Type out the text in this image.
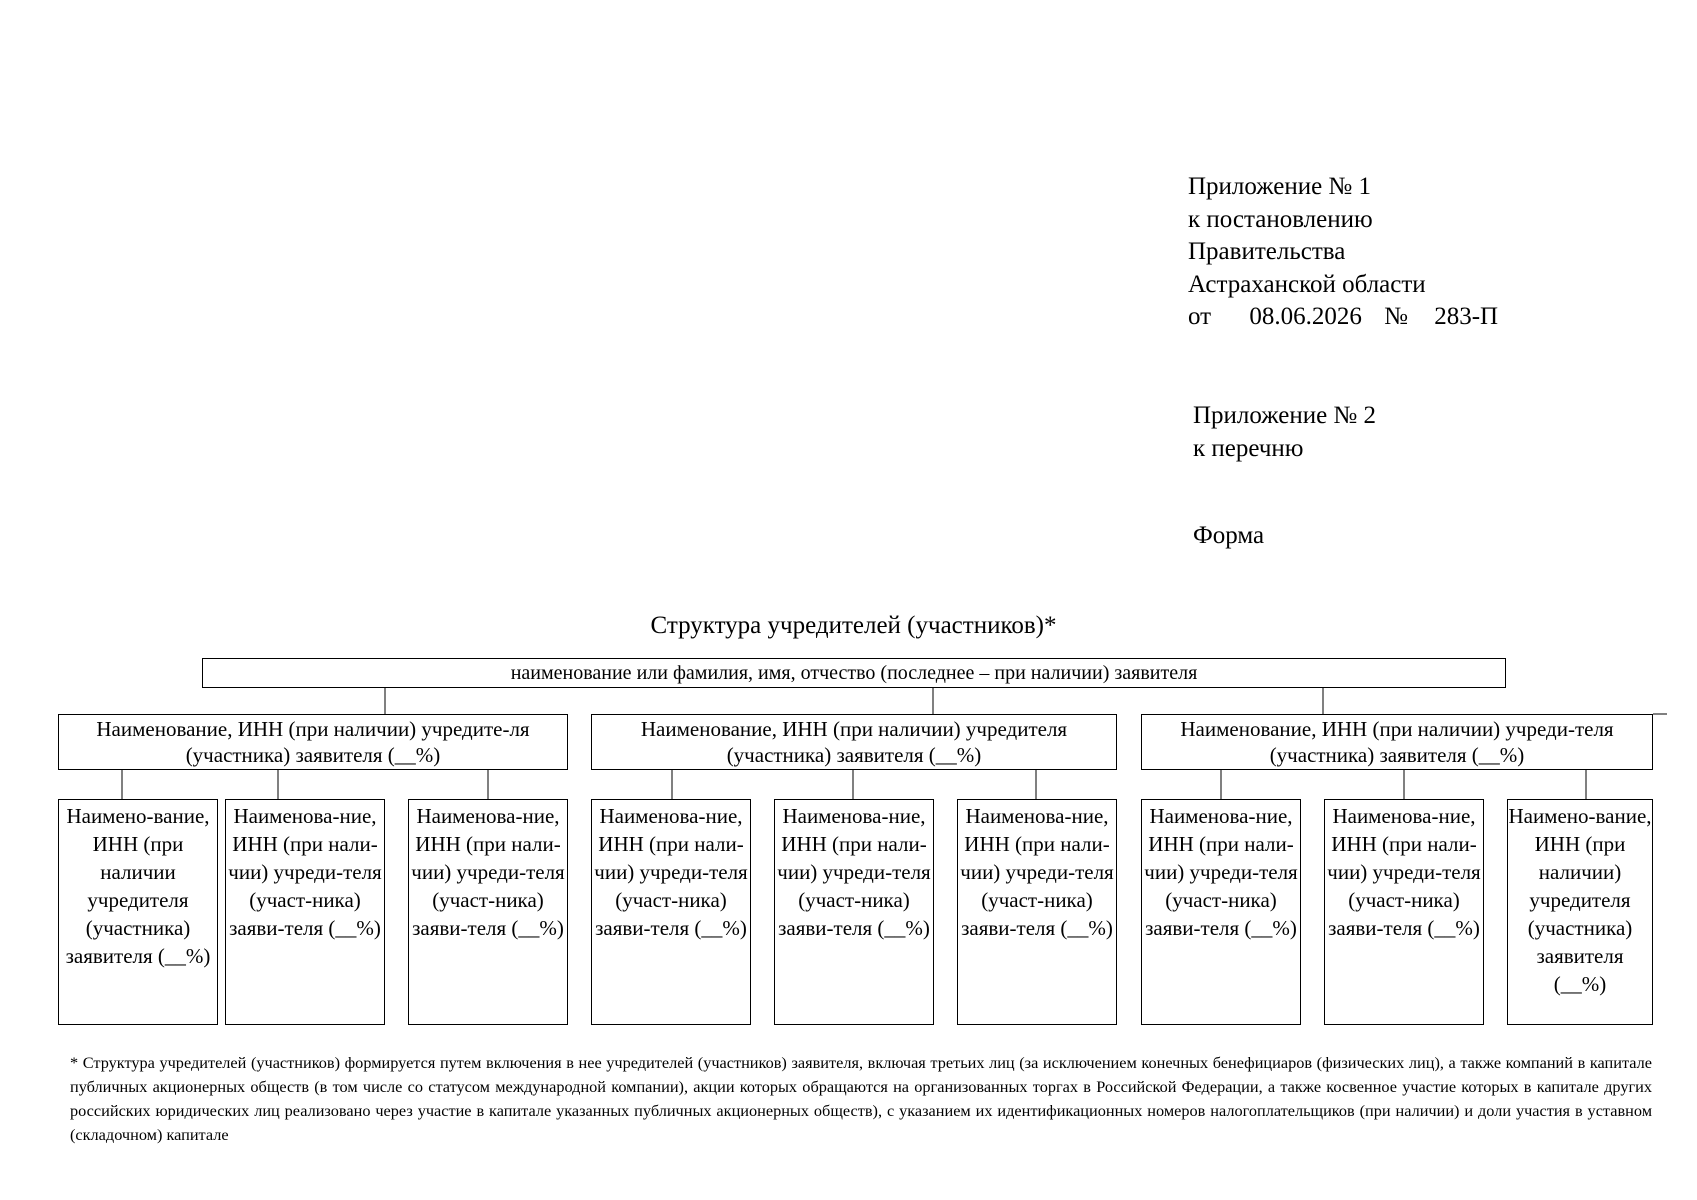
Приложение № 1
к постановлению
Правительства
Астраханской области
от 08.06.2026 № 283-П
Приложение № 2
к перечню
Форма
Структура учредителей (участников)*
наименование или фамилия, имя, отчество (последнее – при наличии) заявителя
Наименование, ИНН (при наличии) учредите-ля (участника) заявителя (__%)
Наименование, ИНН (при наличии) учредителя (участника) заявителя (__%)
Наименование, ИНН (при наличии) учреди-теля (участника) заявителя (__%)
Наимено-вание, ИНН (при наличии учредителя (участника) заявителя (__%)
Наименова-ние, ИНН (при нали-чии) учреди-теля (участ-ника) заяви-теля (__%)
Наименова-ние, ИНН (при нали-чии) учреди-теля (участ-ника) заяви-теля (__%)
Наименова-ние, ИНН (при нали-чии) учреди-теля (участ-ника) заяви-теля (__%)
Наименова-ние, ИНН (при нали-чии) учреди-теля (участ-ника) заяви-теля (__%)
Наименова-ние, ИНН (при нали-чии) учреди-теля (участ-ника) заяви-теля (__%)
Наименова-ние, ИНН (при нали-чии) учреди-теля (участ-ника) заяви-теля (__%)
Наименова-ние, ИНН (при нали-чии) учреди-теля (участ-ника) заяви-теля (__%)
Наимено-вание, ИНН (при наличии) учредителя (участника) заявителя (__%)
* Структура учредителей (участников) формируется путем включения в нее учредителей (участников) заявителя, включая третьих лиц (за исключением конечных бенефициаров (физических лиц), а также компаний в капитале публичных акционерных обществ (в том числе со статусом международной компании), акции которых обращаются на организованных торгах в Российской Федерации, а также косвенное участие которых в капитале других российских юридических лиц реализовано через участие в капитале указанных публичных акционерных обществ), с указанием их идентификационных номеров налогоплательщиков (при наличии) и доли участия в уставном (складочном) капитале
